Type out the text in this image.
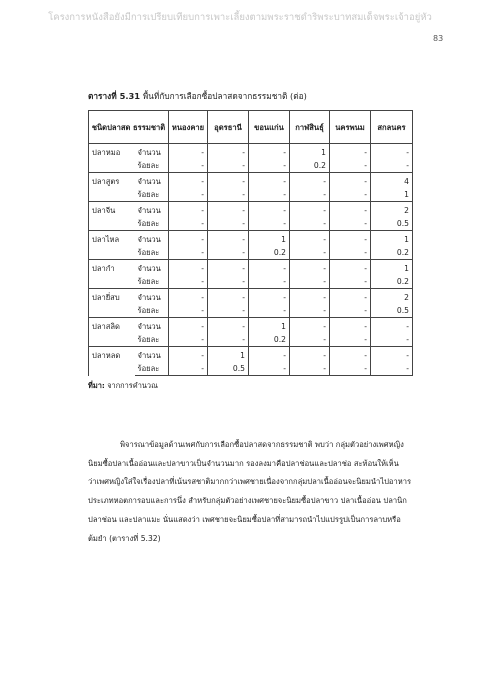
โครงการหนังสือยังมีการเปรียบเทียบการเพาะเลี้ยงตามพระราชดำริพระบาทสมเด็จพระเจ้าอยู่หัว
83
ตารางที่ 5.31 พื้นที่กับการเลือกซื้อปลาสดจากธรรมชาติ (ต่อ)
ชนิดปลาสด ธรรมชาติ		หนองคาย	อุดรธานี	ขอนแก่น	กาฬสินธุ์	นครพนม	สกลนคร
ปลาหมอ	จำนวน	-	-	-	1	-	-
	ร้อยละ	-	-	-	0.2	-	-
ปลาสูตร	จำนวน	-	-	-	-	-	4
	ร้อยละ	-	-	-	-	-	1
ปลาจีน	จำนวน	-	-	-	-	-	2
	ร้อยละ	-	-	-	-	-	0.5
ปลาไหล	จำนวน	-	-	1	-	-	1
	ร้อยละ	-	-	0.2	-	-	0.2
ปลากำ	จำนวน	-	-	-	-	-	1
	ร้อยละ	-	-	-	-	-	0.2
ปลายี่สบ	จำนวน	-	-	-	-	-	2
	ร้อยละ	-	-	-	-	-	0.5
ปลาสลิด	จำนวน	-	-	1	-	-	-
	ร้อยละ	-	-	0.2	-	-	-
ปลาหลด	จำนวน	-	1	-	-	-	-
	ร้อยละ	-	0.5	-	-	-	-
ที่มา: จากการคำนวณ
พิจารณาข้อมูลด้านเพศกับการเลือกซื้อปลาสดจากธรรมชาติ พบว่า กลุ่มตัวอย่างเพศหญิง
นิยมซื้อปลาเนื้ออ่อนและปลาขาวเป็นจำนวนมาก รองลงมาคือปลาช่อนและปลาช่อ สะท้อนให้เห็น
ว่าเพศหญิงใส่ใจเรื่องปลาที่เน้นรสชาติมากกว่าเพศชายเนื่องจากกลุ่มปลาเนื้ออ่อนจะนิยมนำไปอาหาร
ประเภทหอตการอบและการนึ่ง สำหรับกลุ่มตัวอย่างเพศชายจะนิยมซื้อปลาขาว ปลาเนื้ออ่อน ปลานิก
ปลาช่อน และปลาแมะ นั่นแสดงว่า เพศชายจะนิยมซื้อปลาที่สามารถนำไปแปรรูปเป็นการลาบหรือ
ต้มยำ (ตารางที่ 5.32)
